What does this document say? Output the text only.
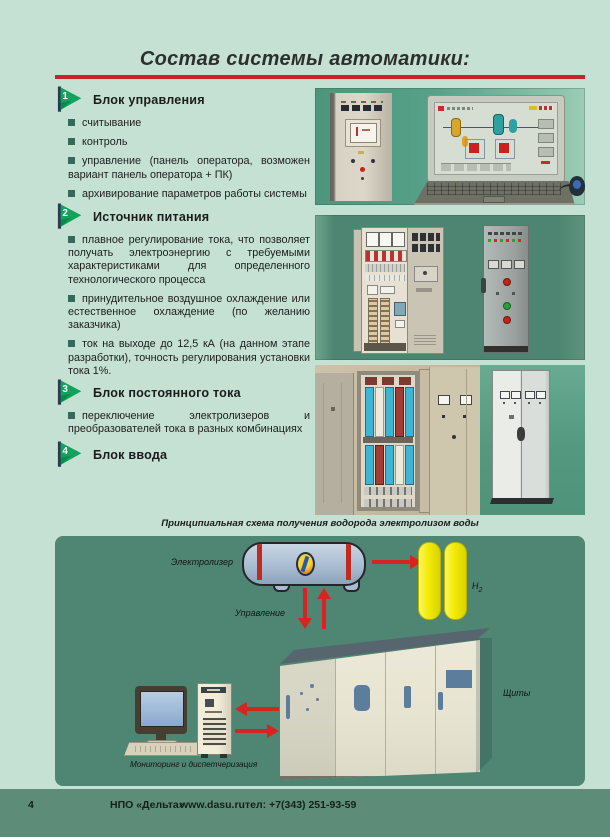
Состав системы автоматики:
1 Блок управления

считывание

контроль

управление (панель оператора, возможен вариант панель оператора + ПК)

архивирование параметров работы системы

2 Источник питания

плавное регулирование тока, что позволяет получать электроэнергию с требуемыми характеристиками для определенного технологического процесса

принудительное воздушное охлаждение или естественное охлаждение (по желанию заказчика)

ток на выходе до 12,5 кА (на данном этапе разработки), точность регулирования установки тока 1%.

3 Блок постоянного тока

переключение электролизеров и преобразователей тока в разных комбинациях

4 Блок ввода
Принципиальная схема получения водорода электролизом воды
Электролизер
$H_2$
Управление
Щиты
Мониторинг и диспетчеризация
4	НПО «Дельта»
www.dasu.ru тел: +7(343) 251-93-59
